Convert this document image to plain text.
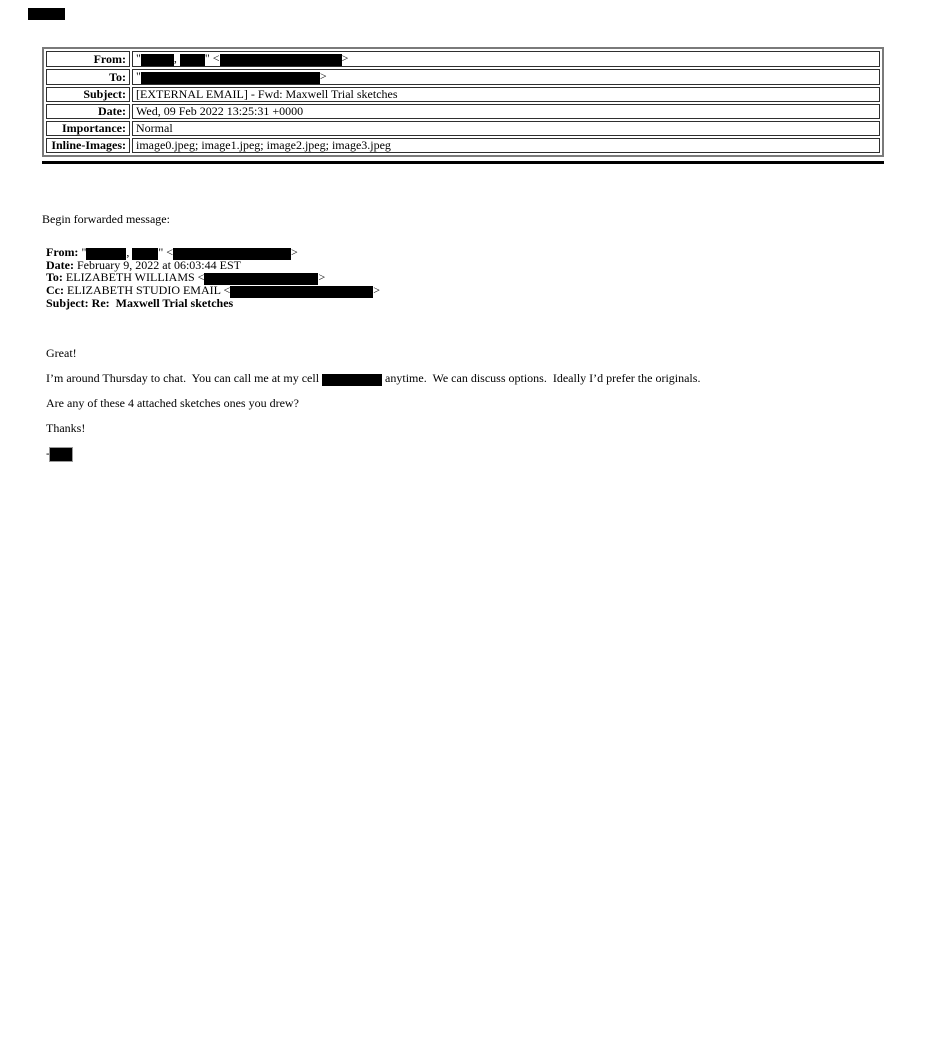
From:	" , " < >
To:	" >
Subject:	[EXTERNAL EMAIL] - Fwd: Maxwell Trial sketches
Date:	Wed, 09 Feb 2022 13:25:31 +0000
Importance:	Normal
Inline-Images:	image0.jpeg; image1.jpeg; image2.jpeg; image3.jpeg
Begin forwarded message:
From: "	, " <	>
Date: February 9, 2022 at 06:03:44 EST
To: ELIZABETH WILLIAMS <	>
Cc: ELIZABETH STUDIO EMAIL <	>
Subject: Re:  Maxwell Trial sketches
Great!
I’m around Thursday to chat.  You can call me at my cell	anytime.  We can discuss options.  Ideally I’d prefer the originals.
Are any of these 4 attached sketches ones you drew?
Thanks!
-
